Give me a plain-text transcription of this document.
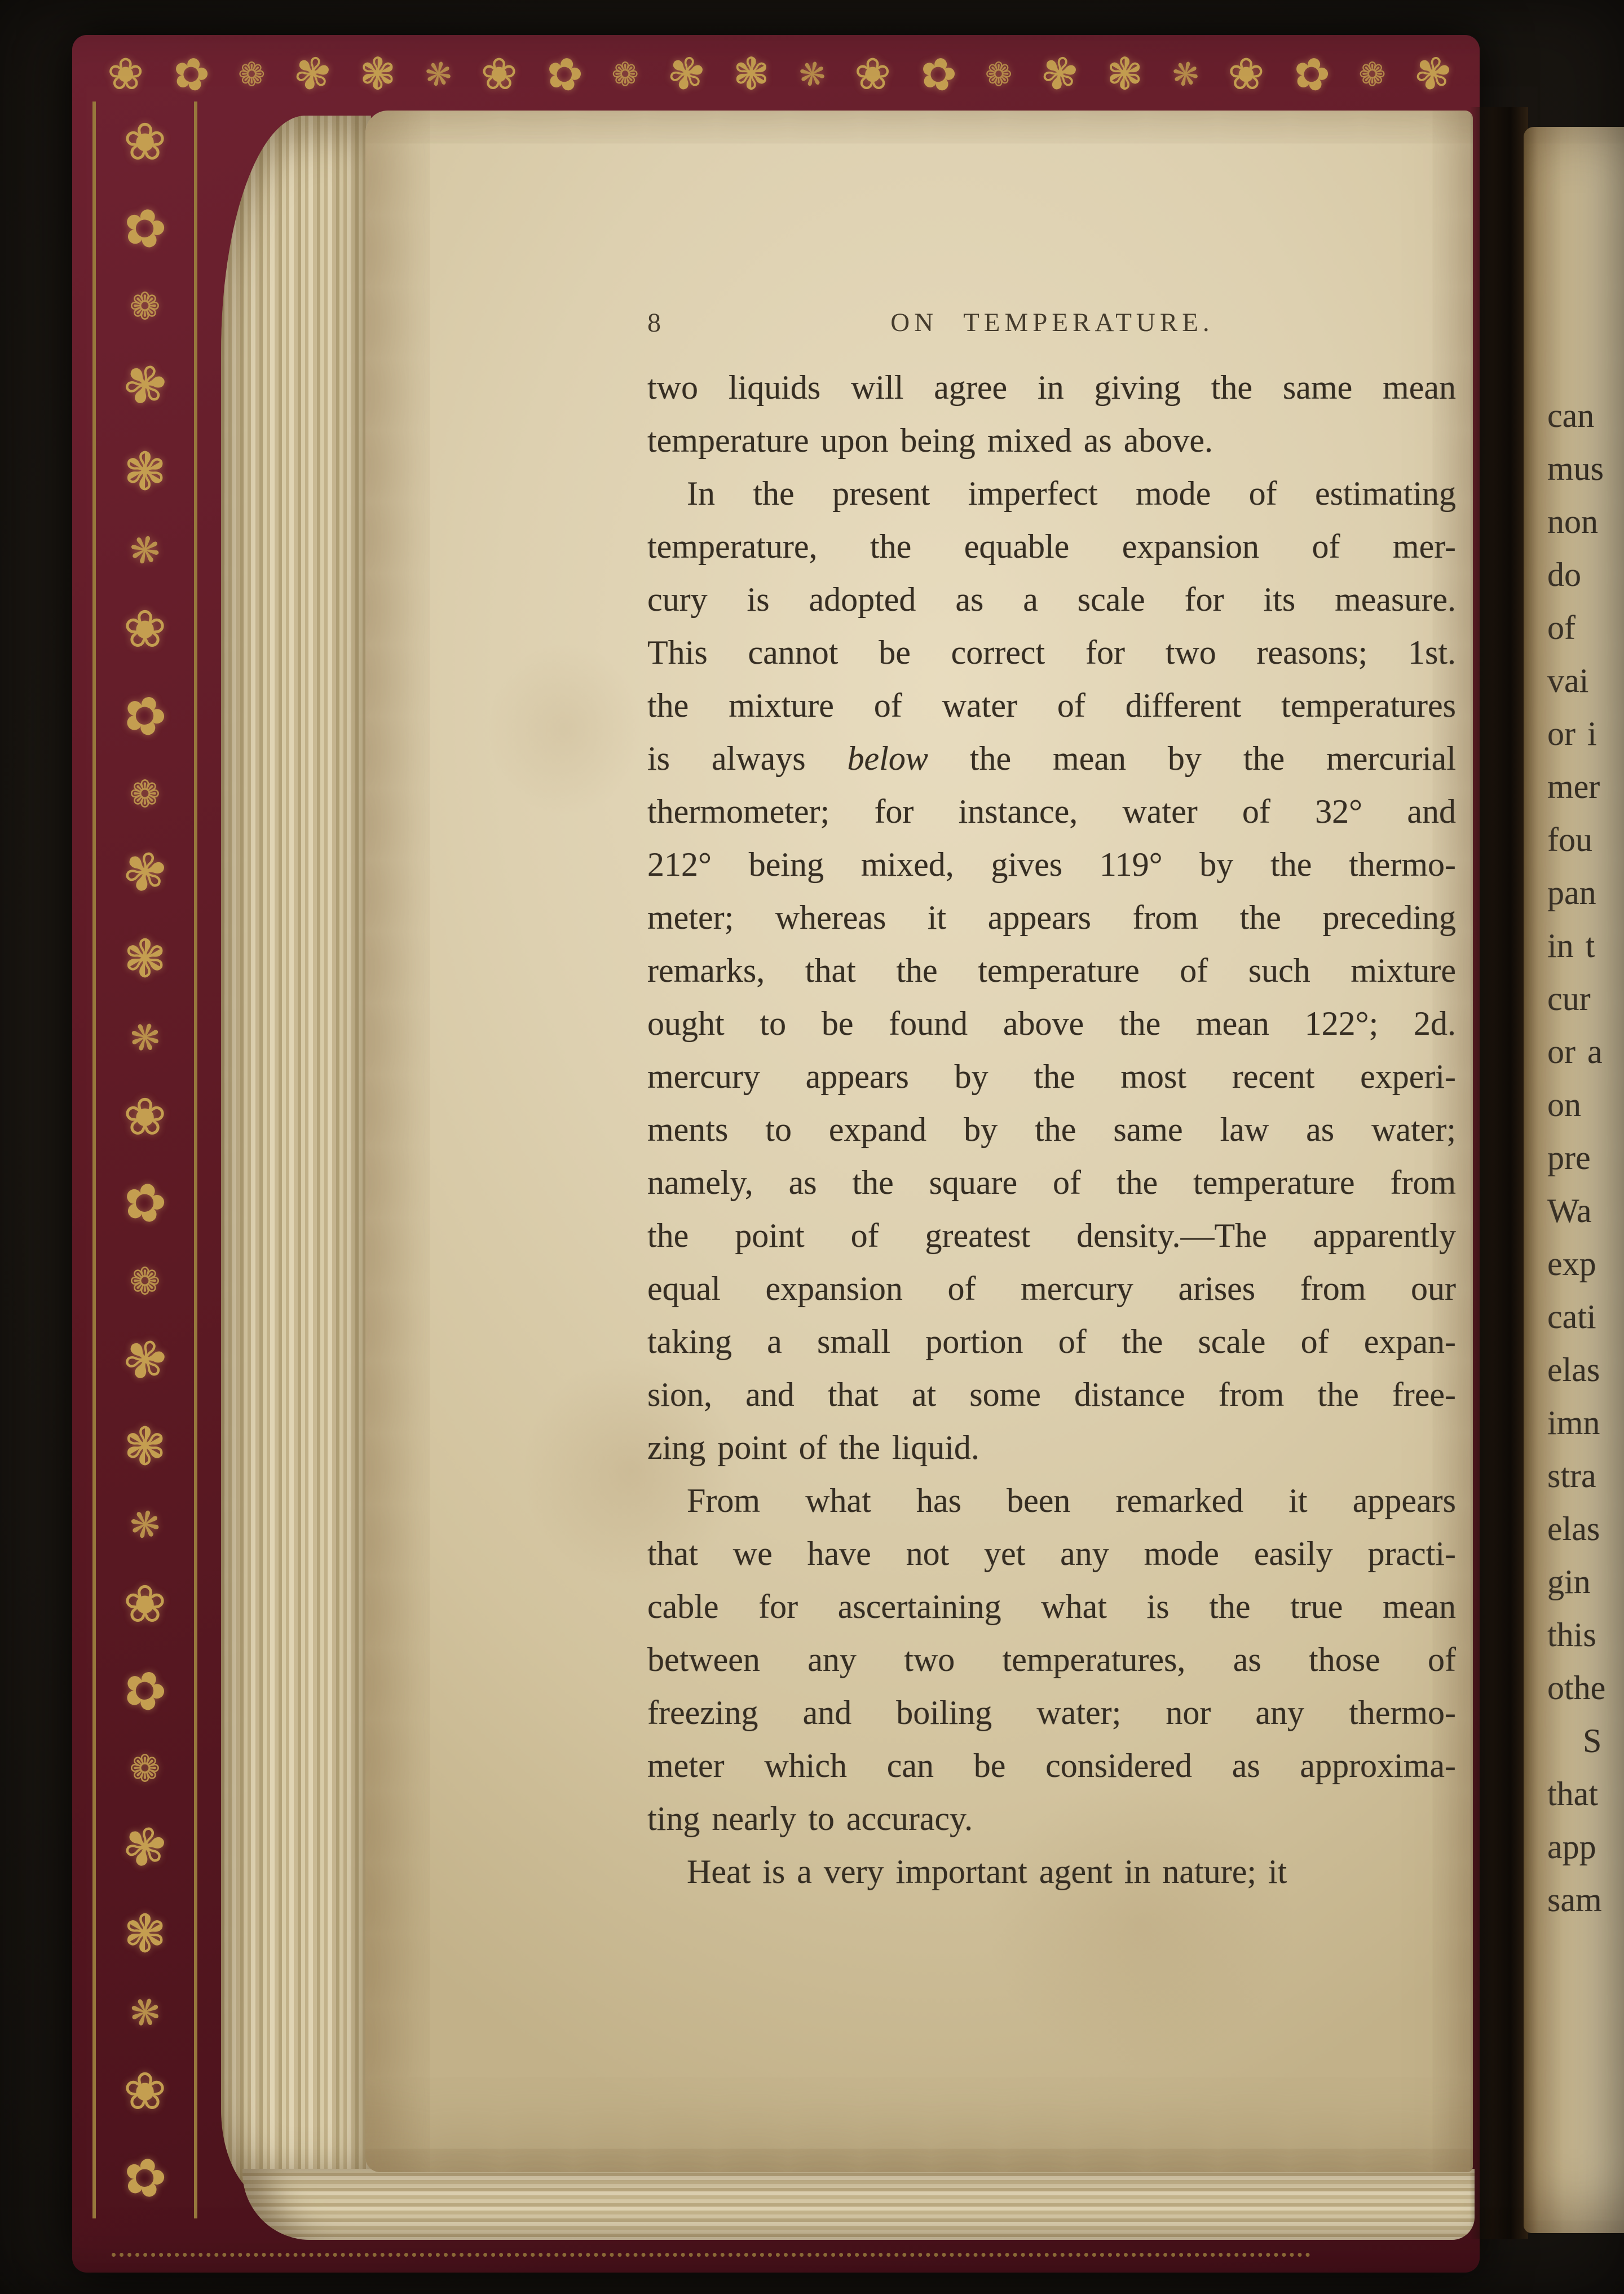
❀ ✿ ❁ ✾ ❃ ❋ ❀ ✿ ❁ ✾ ❃ ❋ ❀ ✿ ❁ ✾ ❃ ❋ ❀ ✿ ❁ ✾
❀
✿
❁
✾
❃
❋
❀
✿
❁
✾
❃
❋
❀
✿
❁
✾
❃
❋
❀
✿
❁
✾
❃
❋
❀
✿
8	ON TEMPERATURE.
two liquids will agree in giving the same mean
temperature upon being mixed as above.
In the present imperfect mode of estimating
temperature, the equable expansion of mer-
cury is adopted as a scale for its measure.
This cannot be correct for two reasons; 1st.
the mixture of water of different temperatures
is always below the mean by the mercurial
thermometer; for instance, water of 32° and
212° being mixed, gives 119° by the thermo-
meter; whereas it appears from the preceding
remarks, that the temperature of such mixture
ought to be found above the mean 122°; 2d.
mercury appears by the most recent experi-
ments to expand by the same law as water;
namely, as the square of the temperature from
the point of greatest density.—The apparently
equal expansion of mercury arises from our
taking a small portion of the scale of expan-
sion, and that at some distance from the free-
zing point of the liquid.
From what has been remarked it appears
that we have not yet any mode easily practi-
cable for ascertaining what is the true mean
between any two temperatures, as those of
freezing and boiling water; nor any thermo-
meter which can be considered as approxima-
ting nearly to accuracy.
Heat is a very important agent in nature; it
can
mus
non
do
of
vai
or i
mer
fou
pan
in t
cur
or a
on
pre
Wa
exp
cati
elas
imn
stra
elas
gin
this
othe
S
that
app
sam
